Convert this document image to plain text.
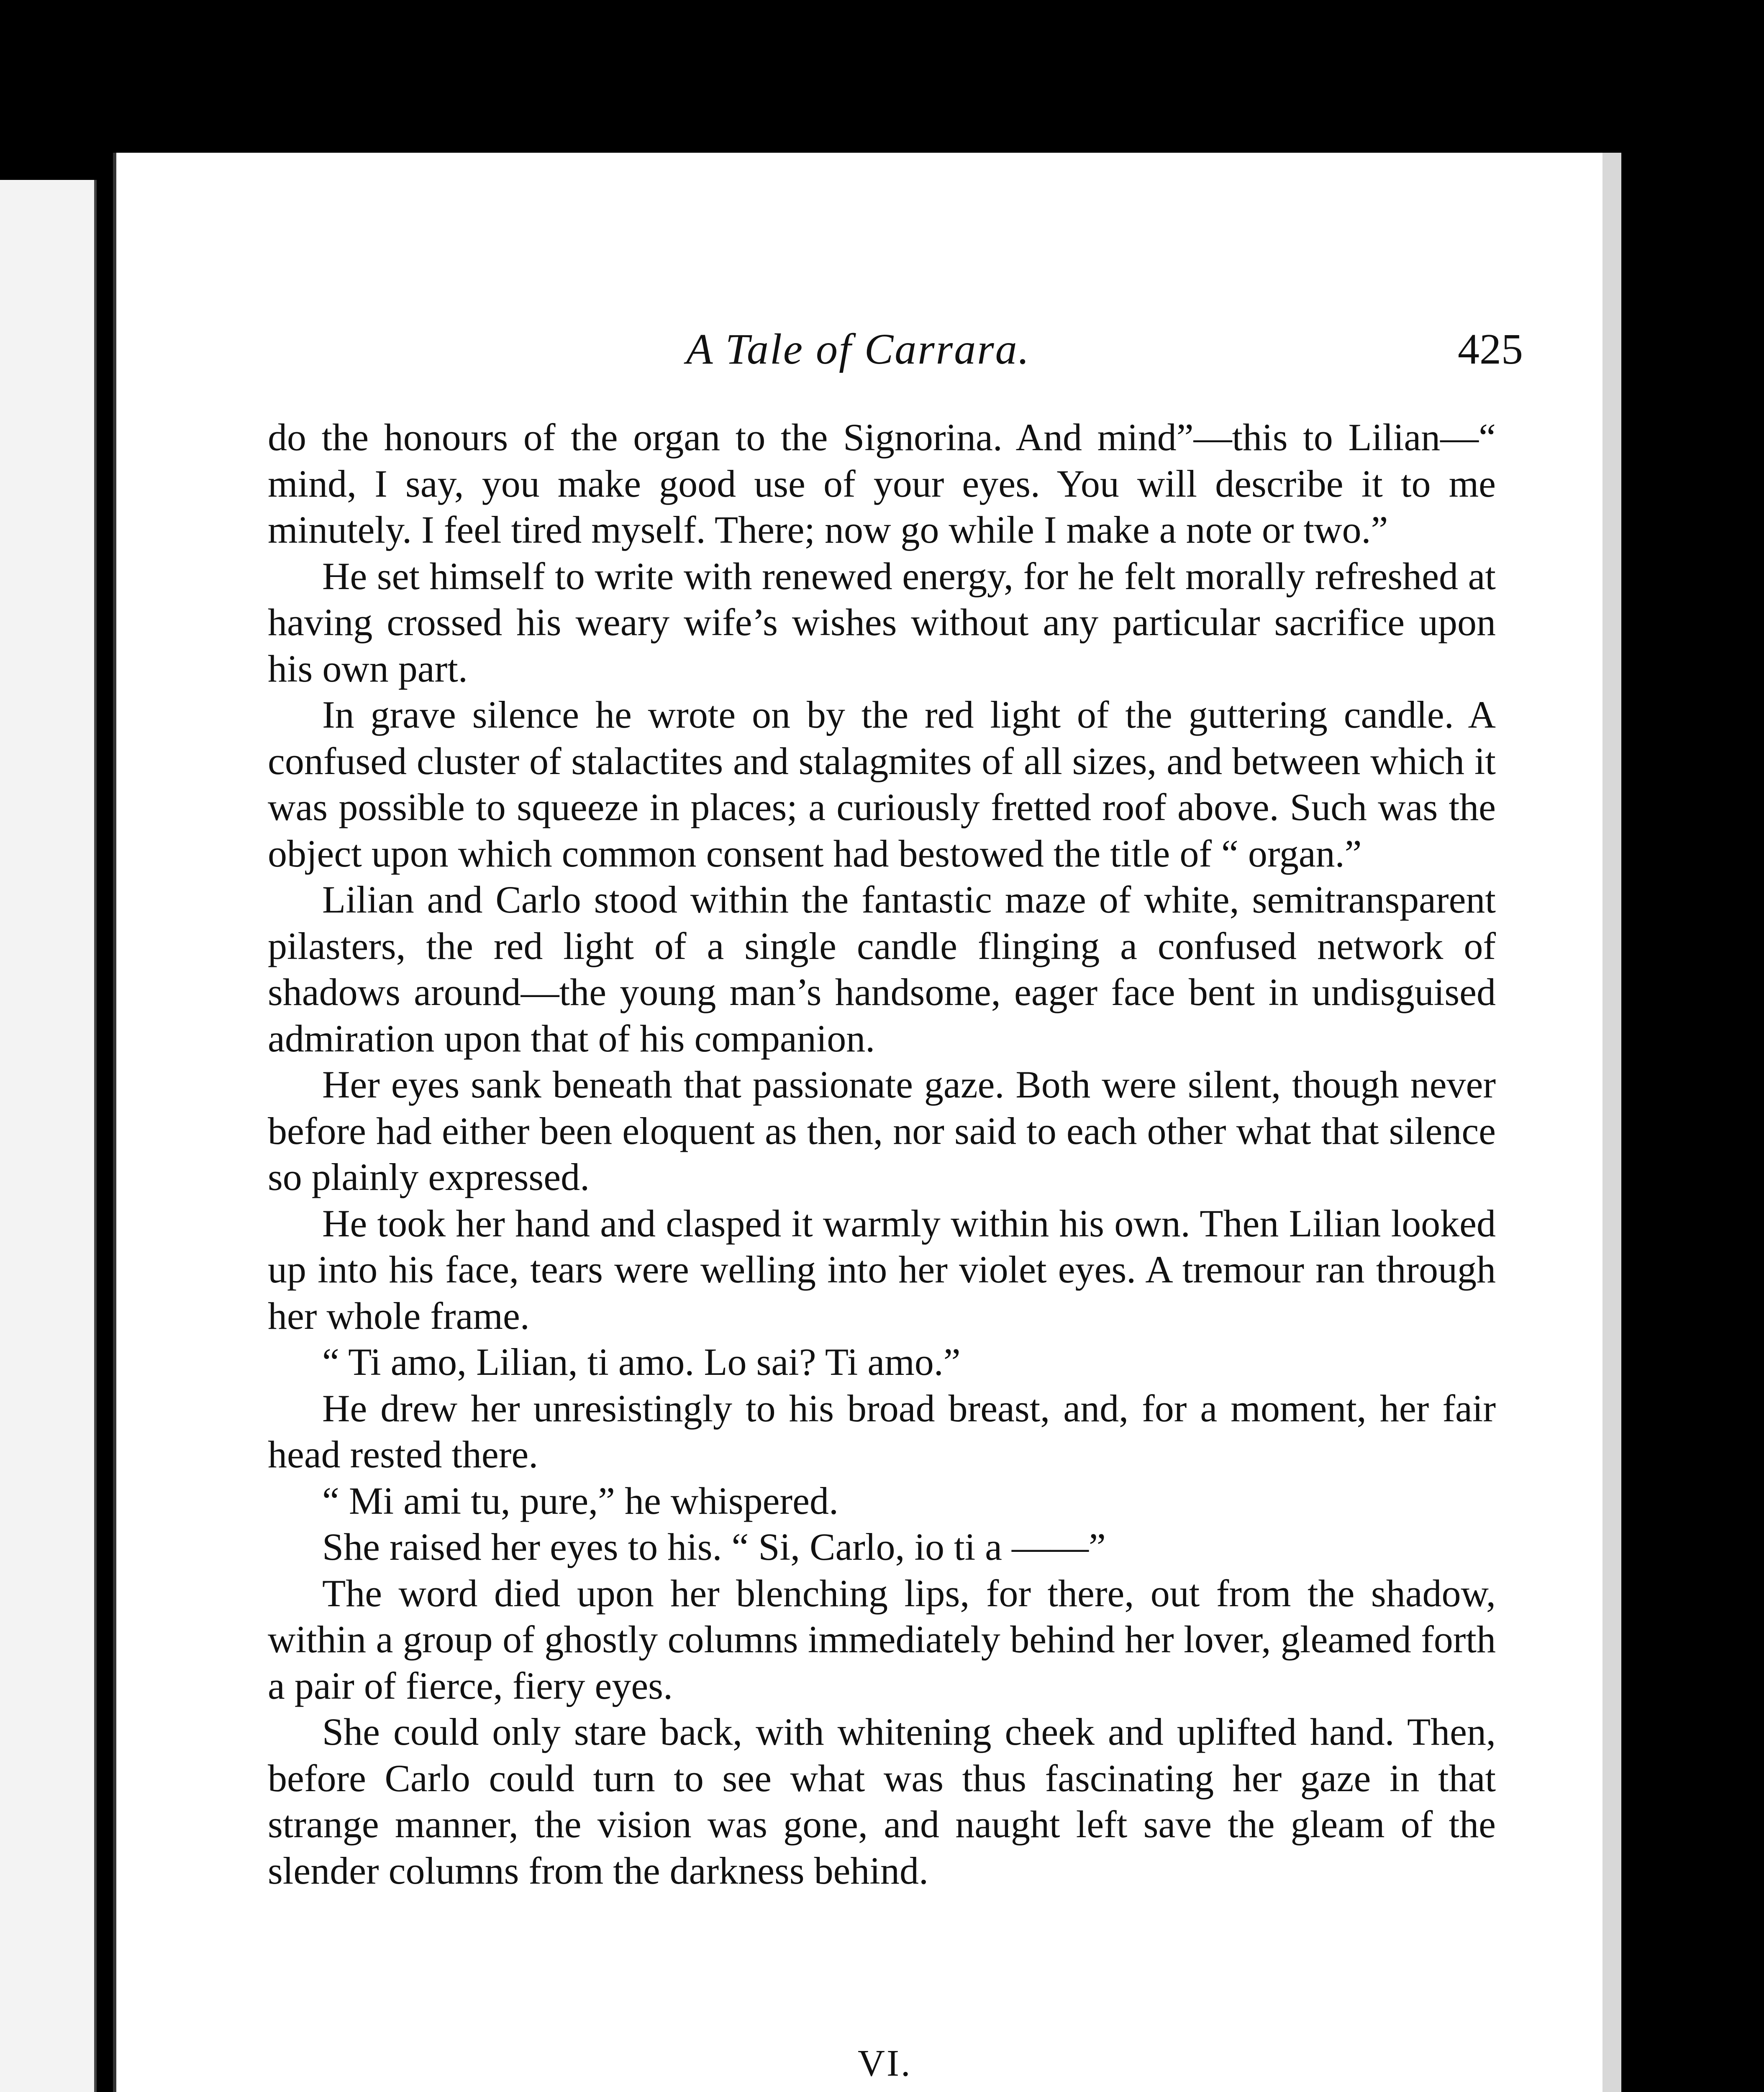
A Tale of Carrara.	425

do the honours of the organ to the Signorina. And mind”—this to Lilian—“ mind, I say, you make good use of your eyes. You will describe it to me minutely. I feel tired myself. There; now go while I make a note or two.”

He set himself to write with renewed energy, for he felt morally refreshed at having crossed his weary wife’s wishes without any particular sacrifice upon his own part.

In grave silence he wrote on by the red light of the guttering candle. A confused cluster of stalactites and stalagmites of all sizes, and between which it was possible to squeeze in places; a curiously fretted roof above. Such was the object upon which common consent had bestowed the title of “ organ.”

Lilian and Carlo stood within the fantastic maze of white, semitransparent pilasters, the red light of a single candle flinging a confused network of shadows around—the young man’s handsome, eager face bent in undisguised admiration upon that of his companion.

Her eyes sank beneath that passionate gaze. Both were silent, though never before had either been eloquent as then, nor said to each other what that silence so plainly expressed.

He took her hand and clasped it warmly within his own. Then Lilian looked up into his face, tears were welling into her violet eyes. A tremour ran through her whole frame.

“ Ti amo, Lilian, ti amo. Lo sai? Ti amo.”

He drew her unresistingly to his broad breast, and, for a moment, her fair head rested there.

“ Mi ami tu, pure,” he whispered.

She raised her eyes to his. “ Si, Carlo, io ti a ——”

The word died upon her blenching lips, for there, out from the shadow, within a group of ghostly columns immediately behind her lover, gleamed forth a pair of fierce, fiery eyes.

She could only stare back, with whitening cheek and uplifted hand. Then, before Carlo could turn to see what was thus fascinating her gaze in that strange manner, the vision was gone, and naught left save the gleam of the slender columns from the darkness behind.

VI.
